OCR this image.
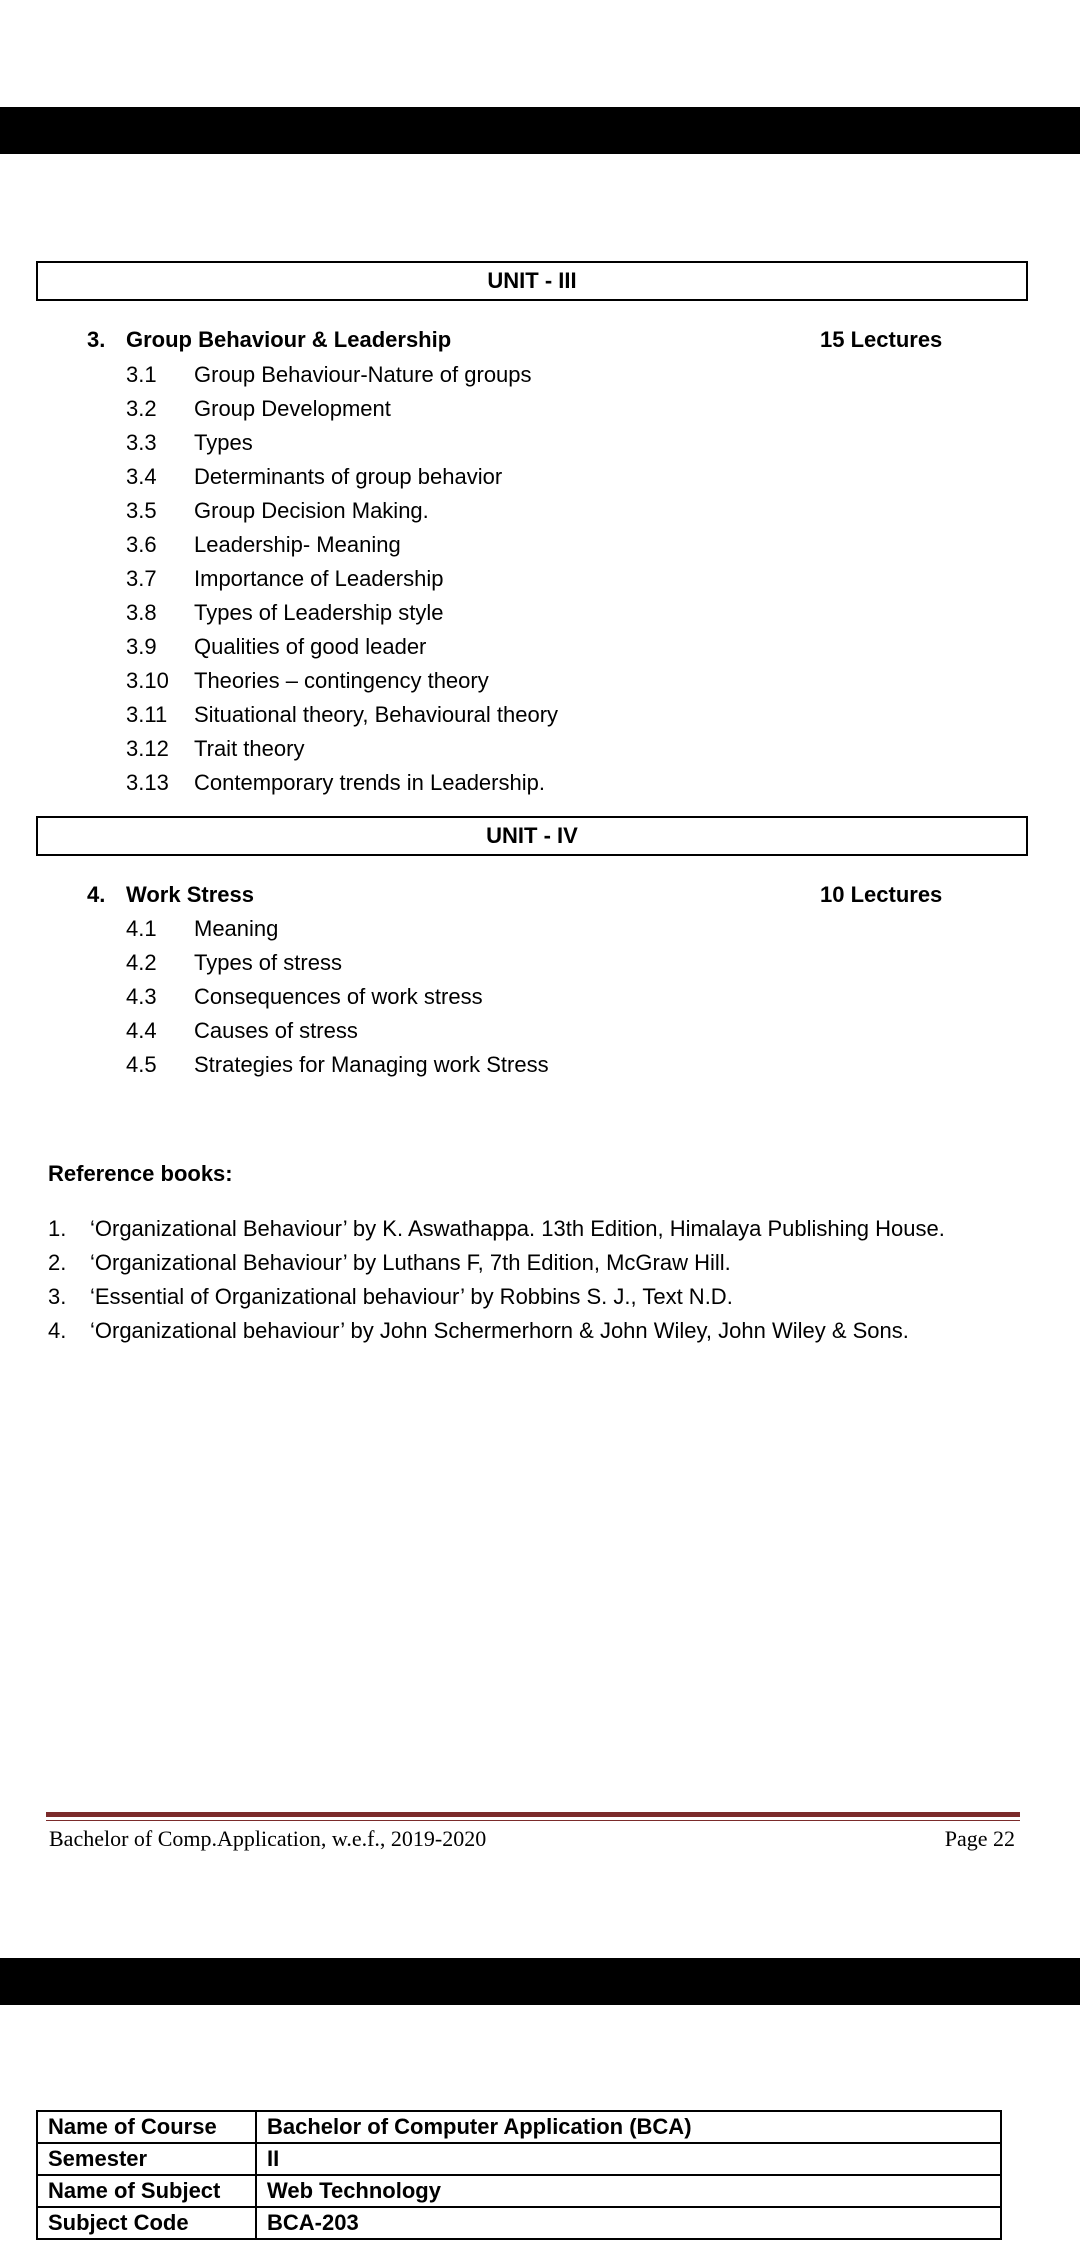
UNIT - III
3. Group Behaviour & Leadership	15 Lectures
3.1	Group Behaviour-Nature of groups
3.2	Group Development
3.3	Types
3.4	Determinants of group behavior
3.5	Group Decision Making.
3.6	Leadership- Meaning
3.7	Importance of Leadership
3.8	Types of Leadership style
3.9	Qualities of good leader
3.10	Theories – contingency theory
3.11	Situational theory, Behavioural theory
3.12	Trait theory
3.13	Contemporary trends in Leadership.
UNIT - IV
4. Work Stress	10 Lectures
4.1	Meaning
4.2	Types of stress
4.3	Consequences of work stress
4.4	Causes of stress
4.5	Strategies for Managing work Stress
Reference books:
1.	‘Organizational Behaviour’ by K. Aswathappa. 13th Edition, Himalaya Publishing House.
2.	‘Organizational Behaviour’ by Luthans F, 7th Edition, McGraw Hill.
3.	‘Essential of Organizational behaviour’ by Robbins S. J., Text N.D.
4.	‘Organizational behaviour’ by John Schermerhorn & John Wiley, John Wiley & Sons.
Bachelor of Comp.Application, w.e.f., 2019-2020	Page 22
Name of Course	Bachelor of Computer Application (BCA)
Semester	II
Name of Subject	Web Technology
Subject Code	BCA-203
